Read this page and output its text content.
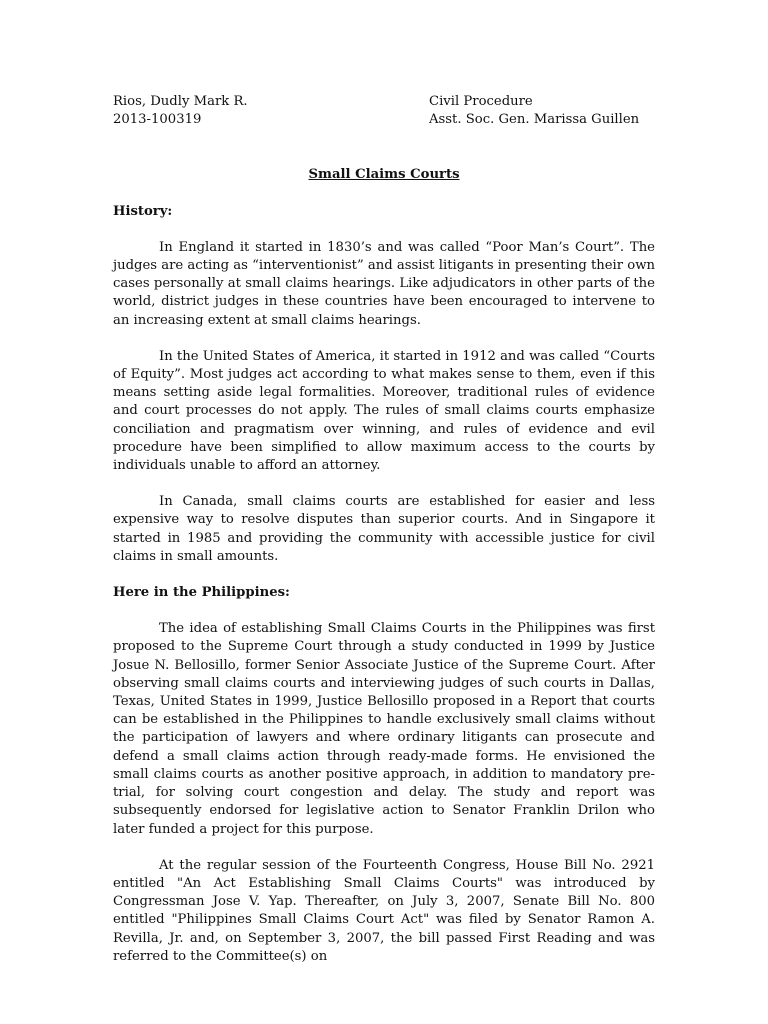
Rios, Dudly Mark R.
2013-100319
Civil Procedure
Asst. Soc. Gen. Marissa Guillen
Small Claims Courts
History:

In England it started in 1830’s and was called “Poor Man’s Court”. The judges are acting as “interventionist” and assist litigants in presenting their own cases personally at small claims hearings. Like adjudicators in other parts of the world, district judges in these countries have been encouraged to intervene to an increasing extent at small claims hearings.

In the United States of America, it started in 1912 and was called “Courts of Equity”. Most judges act according to what makes sense to them, even if this means setting aside legal formalities. Moreover, traditional rules of evidence and court processes do not apply. The rules of small claims courts emphasize conciliation and pragmatism over winning, and rules of evidence and evil procedure have been simplified to allow maximum access to the courts by individuals unable to afford an attorney.

In Canada, small claims courts are established for easier and less expensive way to resolve disputes than superior courts. And in Singapore it started in 1985 and providing the community with accessible justice for civil claims in small amounts.

Here in the Philippines:

The idea of establishing Small Claims Courts in the Philippines was first proposed to the Supreme Court through a study conducted in 1999 by Justice Josue N. Bellosillo, former Senior Associate Justice of the Supreme Court. After observing small claims courts and interviewing judges of such courts in Dallas, Texas, United States in 1999, Justice Bellosillo proposed in a Report that courts can be established in the Philippines to handle exclusively small claims without the participation of lawyers and where ordinary litigants can prosecute and defend a small claims action through ready-made forms. He envisioned the small claims courts as another positive approach, in addition to mandatory pre-trial, for solving court congestion and delay. The study and report was subsequently endorsed for legislative action to Senator Franklin Drilon who later funded a project for this purpose.

At the regular session of the Fourteenth Congress, House Bill No. 2921 entitled "An Act Establishing Small Claims Courts" was introduced by Congressman Jose V. Yap. Thereafter, on July 3, 2007, Senate Bill No. 800 entitled "Philippines Small Claims Court Act" was filed by Senator Ramon A. Revilla, Jr. and, on September 3, 2007, the bill passed First Reading and was referred to the Committee(s) on
